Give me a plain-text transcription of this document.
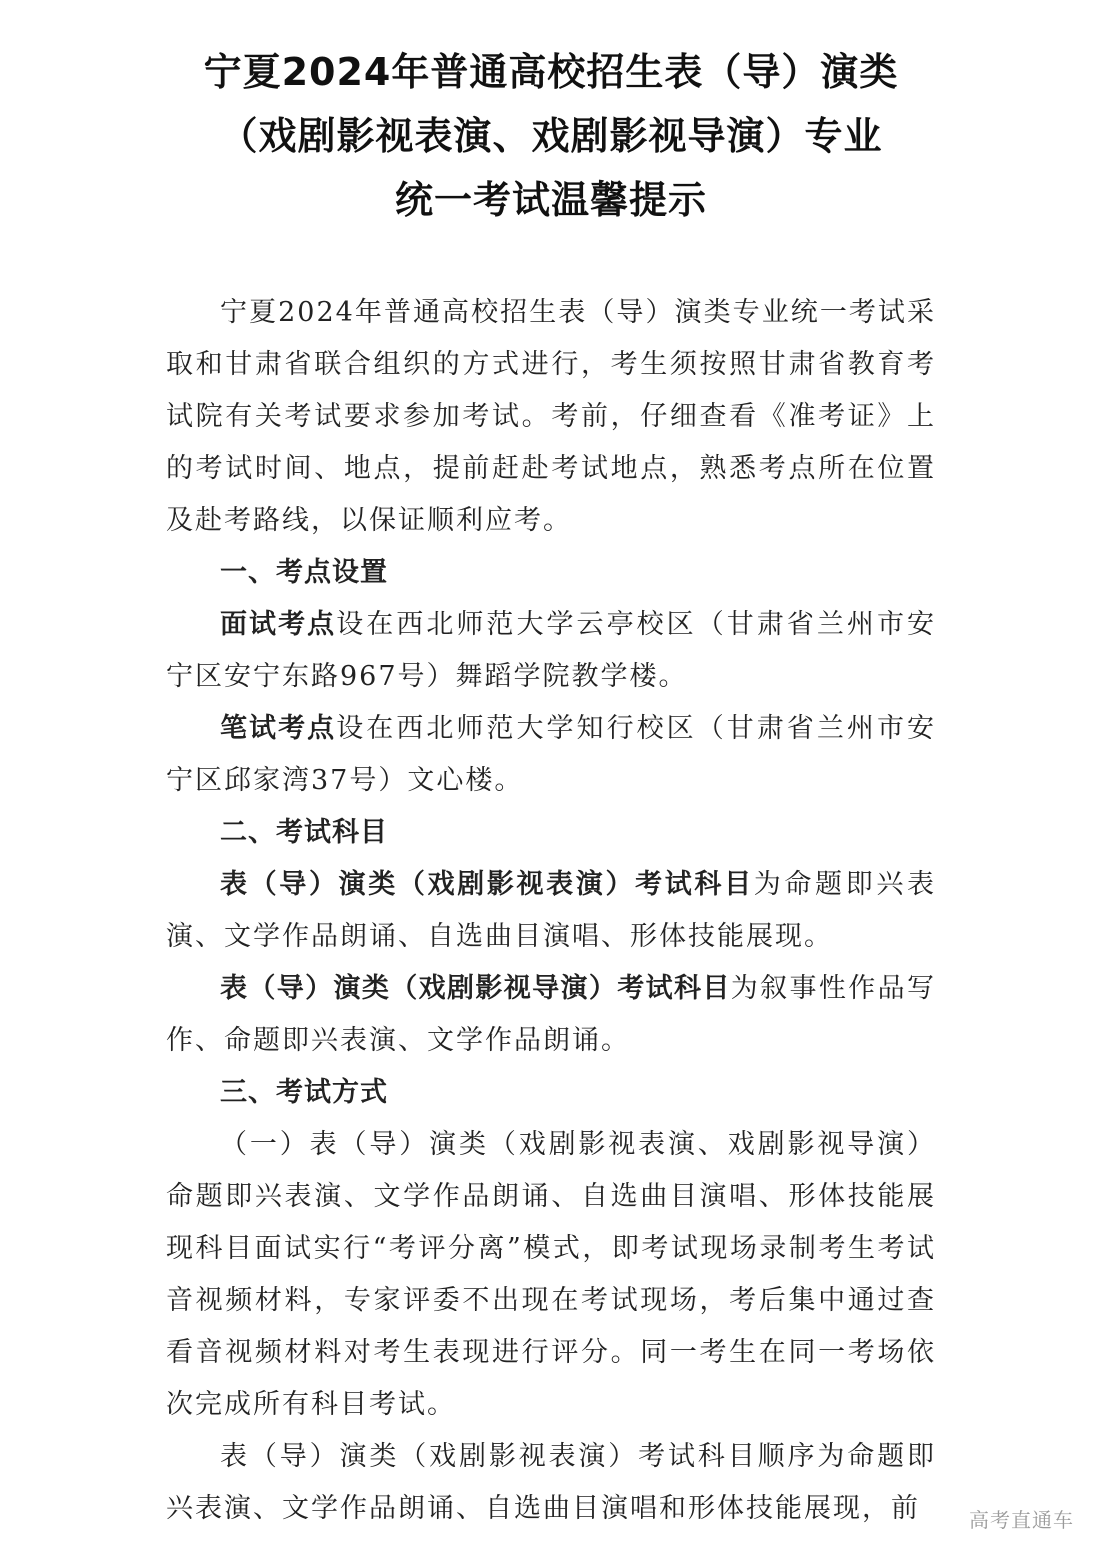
宁夏2024年普通高校招生表（导）演类
（戏剧影视表演、戏剧影视导演）专业
统一考试温馨提示

宁夏2024年普通高校招生表（导）演类专业统一考试采取和甘肃省联合组织的方式进行，考生须按照甘肃省教育考试院有关考试要求参加考试。考前，仔细查看《准考证》上的考试时间、地点，提前赶赴考试地点，熟悉考点所在位置及赴考路线，以保证顺利应考。

一、考点设置

面试考点设在西北师范大学云亭校区（甘肃省兰州市安宁区安宁东路967号）舞蹈学院教学楼。

笔试考点设在西北师范大学知行校区（甘肃省兰州市安宁区邱家湾37号）文心楼。

二、考试科目

表（导）演类（戏剧影视表演）考试科目为命题即兴表演、文学作品朗诵、自选曲目演唱、形体技能展现。

表（导）演类（戏剧影视导演）考试科目为叙事性作品写作、命题即兴表演、文学作品朗诵。

三、考试方式

（一）表（导）演类（戏剧影视表演、戏剧影视导演）命题即兴表演、文学作品朗诵、自选曲目演唱、形体技能展现科目面试实行“考评分离”模式，即考试现场录制考生考试音视频材料，专家评委不出现在考试现场，考后集中通过查看音视频材料对考生表现进行评分。同一考生在同一考场依次完成所有科目考试。

表（导）演类（戏剧影视表演）考试科目顺序为命题即兴表演、文学作品朗诵、自选曲目演唱和形体技能展现，前	高考直通车
